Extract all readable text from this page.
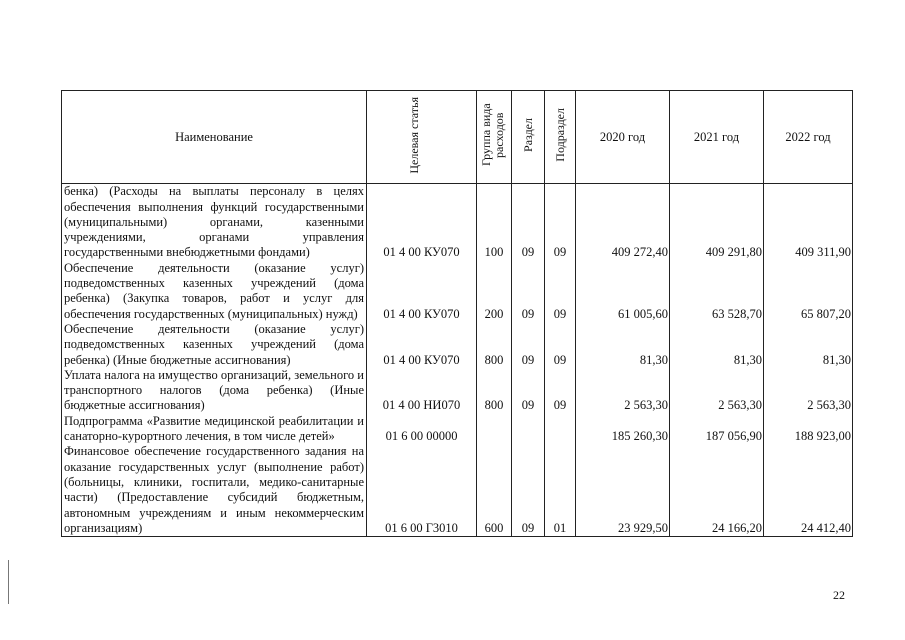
Наименование	Целевая статья	Группа вида расходов	Раздел	Подраздел	2020 год	2021 год	2022 год
бенка) (Расходы на выплаты персоналу в целях обеспечения выполнения функций государственными (муниципальными) органами, казенными учреждениями, органами управления государственными внебюджетными фондами)	01 4 00 КУ070	100	09	09	409 272,40	409 291,80	409 311,90
Обеспечение деятельности (оказание услуг) подведомственных казенных учреждений (дома ребенка) (Закупка товаров, работ и услуг для обеспечения государственных (муниципальных) нужд)	01 4 00 КУ070	200	09	09	61 005,60	63 528,70	65 807,20
Обеспечение деятельности (оказание услуг) подведомственных казенных учреждений (дома ребенка) (Иные бюджетные ассигнования)	01 4 00 КУ070	800	09	09	81,30	81,30	81,30
Уплата налога на имущество организаций, земельного и транспортного налогов (дома ребенка) (Иные бюджетные ассигнования)	01 4 00 НИ070	800	09	09	2 563,30	2 563,30	2 563,30
Подпрограмма «Развитие медицинской реабилитации и санаторно-курортного лечения, в том числе детей»	01 6 00 00000				185 260,30	187 056,90	188 923,00
Финансовое обеспечение государственного задания на оказание государственных услуг (выполнение работ) (больницы, клиники, госпитали, медико-санитарные части) (Предоставление субсидий бюджетным, автономным учреждениям и иным некоммерческим организациям)	01 6 00 Г3010	600	09	01	23 929,50	24 166,20	24 412,40
22
